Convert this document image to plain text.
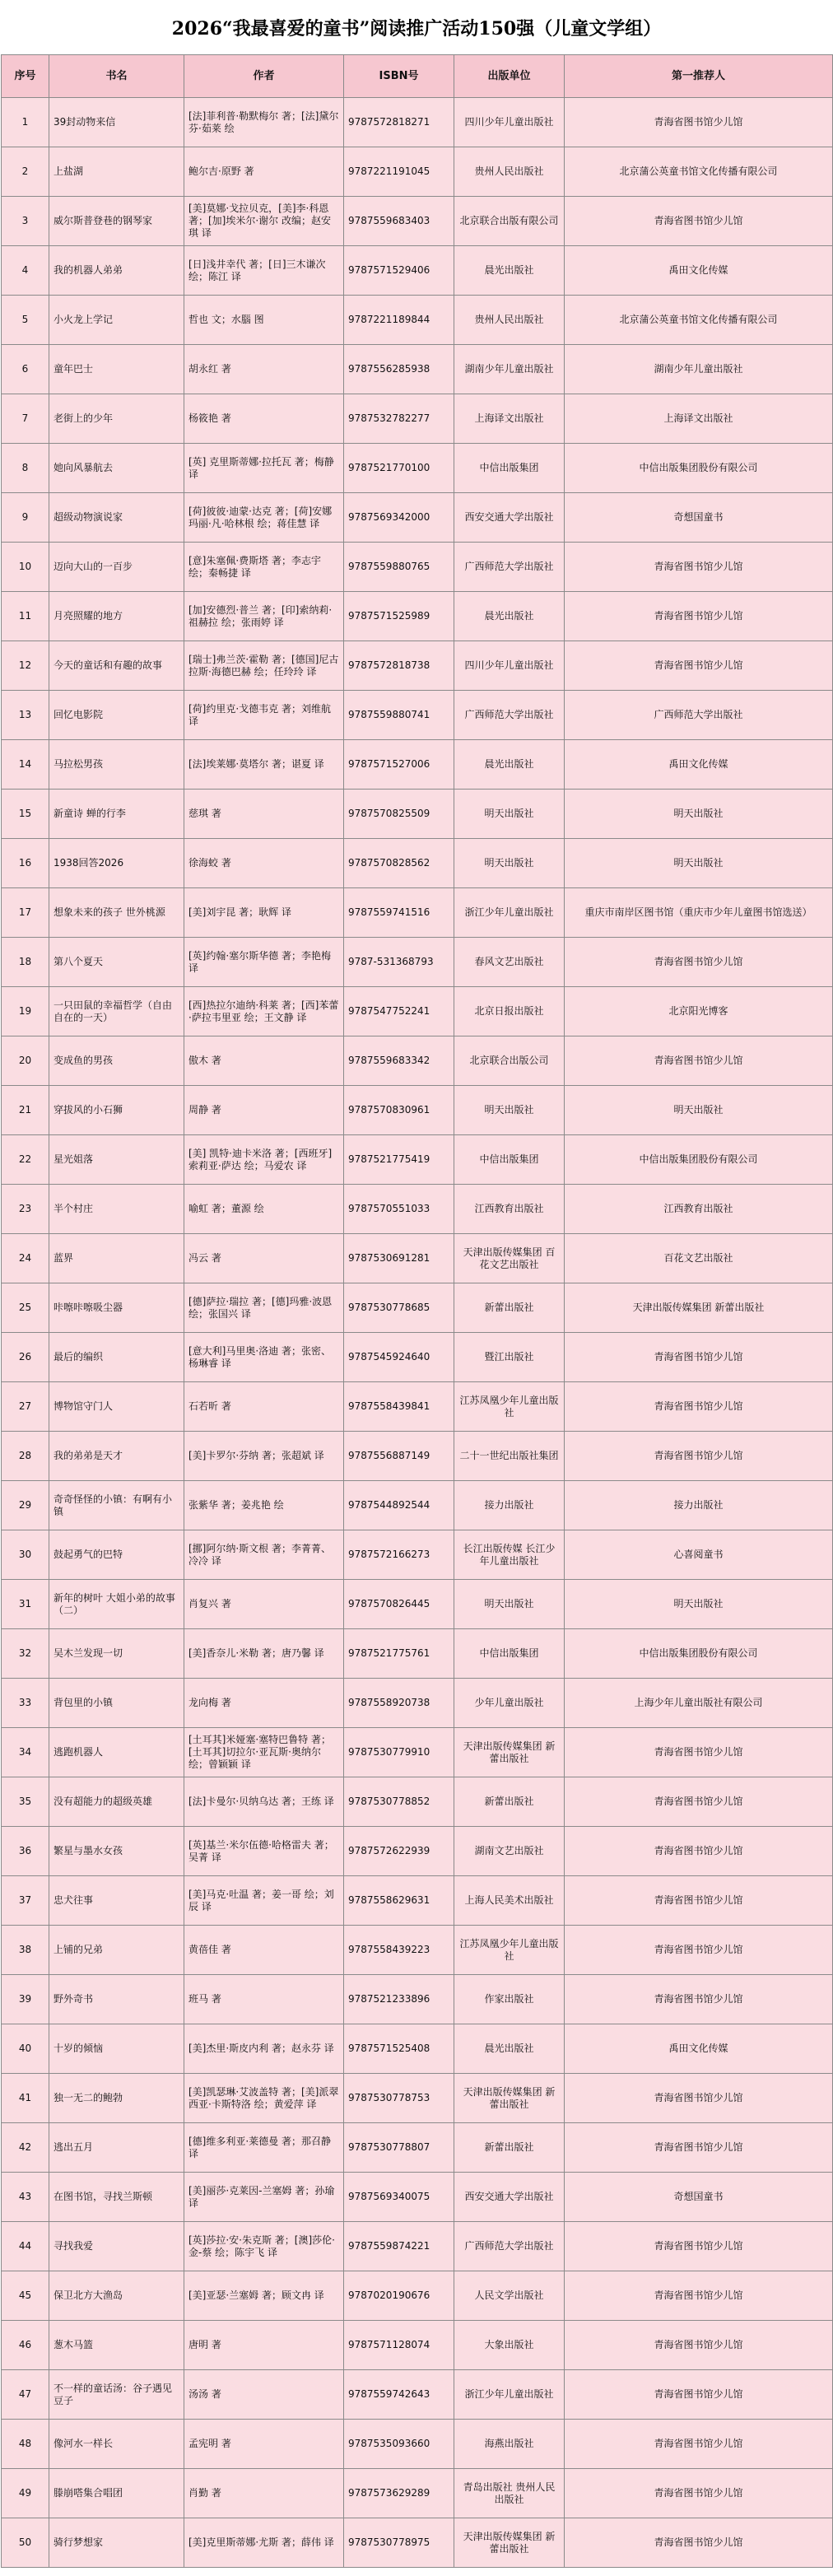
2026“我最喜爱的童书”阅读推广活动150强（儿童文学组）
序号	书名	作者	ISBN号	出版单位	第一推荐人
1	39封动物来信	[法]菲利普·勒默梅尔 著；[法]黛尔芬·茹莱 绘	9787572818271	四川少年儿童出版社	青海省图书馆少儿馆
2	上盐湖	鲍尔吉·原野 著	9787221191045	贵州人民出版社	北京蒲公英童书馆文化传播有限公司
3	威尔斯普登巷的钢琴家	[美]莫娜·戈拉贝克，[美]李·科恩 著；[加]埃米尔·谢尔 改编；赵安琪 译	9787559683403	北京联合出版有限公司	青海省图书馆少儿馆
4	我的机器人弟弟	[日]浅井幸代 著；[日]三木谦次 绘；陈江 译	9787571529406	晨光出版社	禹田文化传媒
5	小火龙上学记	哲也 文；水腦 图	9787221189844	贵州人民出版社	北京蒲公英童书馆文化传播有限公司
6	童年巴士	胡永红 著	9787556285938	湖南少年儿童出版社	湖南少年儿童出版社
7	老街上的少年	杨筱艳 著	9787532782277	上海译文出版社	上海译文出版社
8	她向风暴航去	[英] 克里斯蒂娜·拉托瓦 著；梅静 译	9787521770100	中信出版集团	中信出版集团股份有限公司
9	超级动物演说家	[荷]彼彼·迪蒙·达克 著；[荷]安娜玛丽·凡·哈林根 绘；蒋佳慧 译	9787569342000	西安交通大学出版社	奇想国童书
10	迈向大山的一百步	[意]朱塞佩·费斯塔 著；李志宇 绘；秦畅捷 译	9787559880765	广西师范大学出版社	青海省图书馆少儿馆
11	月亮照耀的地方	[加]安德烈·普兰 著；[印]索纳莉·祖赫拉 绘；张雨婷 译	9787571525989	晨光出版社	青海省图书馆少儿馆
12	今天的童话和有趣的故事	[瑞士]弗兰茨·霍勒 著；[德国]尼古拉斯·海德巴赫 绘；任玲玲 译	9787572818738	四川少年儿童出版社	青海省图书馆少儿馆
13	回忆电影院	[荷]约里克·戈德韦克 著；刘维航 译	9787559880741	广西师范大学出版社	广西师范大学出版社
14	马拉松男孩	[法]埃莱娜·莫塔尔 著；谌夏 译	9787571527006	晨光出版社	禹田文化传媒
15	新童诗 蝉的行李	慈琪 著	9787570825509	明天出版社	明天出版社
16	1938回答2026	徐海蛟 著	9787570828562	明天出版社	明天出版社
17	想象未来的孩子 世外桃源	[美]刘宇昆 著；耿辉 译	9787559741516	浙江少年儿童出版社	重庆市南岸区图书馆（重庆市少年儿童图书馆选送）
18	第八个夏天	[英]约翰·塞尔斯华德 著；李艳梅 译	9787-531368793	春风文艺出版社	青海省图书馆少儿馆
19	一只田鼠的幸福哲学（自由自在的一天）	[西]热拉尔迪纳·科莱 著；[西]苯蕾·萨拉韦里亚 绘；王文静 译	9787547752241	北京日报出版社	北京阳光博客
20	变成鱼的男孩	傲木 著	9787559683342	北京联合出版公司	青海省图书馆少儿馆
21	穿拔风的小石狮	周静 著	9787570830961	明天出版社	明天出版社
22	星光姐落	[美] 凯特·迪卡米洛 著；[西班牙]索莉亚·萨达 绘；马爱农 译	9787521775419	中信出版集团	中信出版集团股份有限公司
23	半个村庄	喻虹 著；董源 绘	9787570551033	江西教育出版社	江西教育出版社
24	蓝界	冯云 著	9787530691281	天津出版传媒集团 百花文艺出版社	百花文艺出版社
25	咔嚓咔嚓吸尘器	[德]萨拉·瑞拉 著；[德]玛雅·波恩 绘；张国兴 译	9787530778685	新蕾出版社	天津出版传媒集团 新蕾出版社
26	最后的编织	[意大利]马里奥·洛迪 著；张密、杨琳睿 译	9787545924640	暨江出版社	青海省图书馆少儿馆
27	博物馆守门人	石若昕 著	9787558439841	江苏凤凰少年儿童出版社	青海省图书馆少儿馆
28	我的弟弟是天才	[美]卡罗尔·芬纳 著；张超斌 译	9787556887149	二十一世纪出版社集团	青海省图书馆少儿馆
29	奇奇怪怪的小镇：有啊有小镇	张紫华 著；姜兆艳 绘	9787544892544	接力出版社	接力出版社
30	鼓起勇气的巴特	[挪]阿尔纳·斯文根 著；李菁菁、冷冷 译	9787572166273	长江出版传媒 长江少年儿童出版社	心喜阅童书
31	新年的树叶 大姐小弟的故事（二）	肖复兴 著	9787570826445	明天出版社	明天出版社
32	吴木兰发现一切	[美]香奈儿·米勒 著；唐乃馨 译	9787521775761	中信出版集团	中信出版集团股份有限公司
33	背包里的小镇	龙向梅 著	9787558920738	少年儿童出版社	上海少年儿童出版社有限公司
34	逃跑机器人	[土耳其]米娅塞·塞特巴鲁特 著；[土耳其]切拉尔·亚瓦斯·奥纳尔 绘；曾颖颖 译	9787530779910	天津出版传媒集团 新蕾出版社	青海省图书馆少儿馆
35	没有超能力的超级英雄	[法]卡曼尔·贝纳乌达 著；王练 译	9787530778852	新蕾出版社	青海省图书馆少儿馆
36	繁星与墨水女孩	[英]基兰·米尔伍德·哈格雷夫 著；吴菁 译	9787572622939	湖南文艺出版社	青海省图书馆少儿馆
37	忠犬往事	[美]马克·吐温 著；姜一哥 绘；刘辰 译	9787558629631	上海人民美术出版社	青海省图书馆少儿馆
38	上铺的兄弟	黄蓓佳 著	9787558439223	江苏凤凰少年儿童出版社	青海省图书馆少儿馆
39	野外奇书	班马 著	9787521233896	作家出版社	青海省图书馆少儿馆
40	十岁的倾恼	[美]杰里·斯皮内利 著；赵永芬 译	9787571525408	晨光出版社	禹田文化传媒
41	独一无二的鲍勃	[美]凯瑟琳·艾波盖特 著；[美]派翠西亚·卡斯特洛 绘；黄爱萍 译	9787530778753	天津出版传媒集团 新蕾出版社	青海省图书馆少儿馆
42	逃出五月	[德]维多利亚·莱德曼 著；那召静 译	9787530778807	新蕾出版社	青海省图书馆少儿馆
43	在图书馆，寻找兰斯顿	[美]丽莎·克莱因-兰塞姆 著；孙瑜 译	9787569340075	西安交通大学出版社	奇想国童书
44	寻找我爱	[英]莎拉·安·朱克斯 著；[澳]莎伦·金-蔡 绘；陈宇飞 译	9787559874221	广西师范大学出版社	青海省图书馆少儿馆
45	保卫北方大渔岛	[美]亚瑟·兰塞姆 著；顾文冉 译	9787020190676	人民文学出版社	青海省图书馆少儿馆
46	葱木马篮	唐明 著	9787571128074	大象出版社	青海省图书馆少儿馆
47	不一样的童话汤：谷子遇见豆子	汤汤 著	9787559742643	浙江少年儿童出版社	青海省图书馆少儿馆
48	像河水一样长	孟宪明 著	9787535093660	海燕出版社	青海省图书馆少儿馆
49	滕崩嗒集合唱团	肖勤 著	9787573629289	青岛出版社 贵州人民出版社	青海省图书馆少儿馆
50	骑行梦想家	[美]克里斯蒂娜·尤斯 著；薛伟 译	9787530778975	天津出版传媒集团 新蕾出版社	青海省图书馆少儿馆
